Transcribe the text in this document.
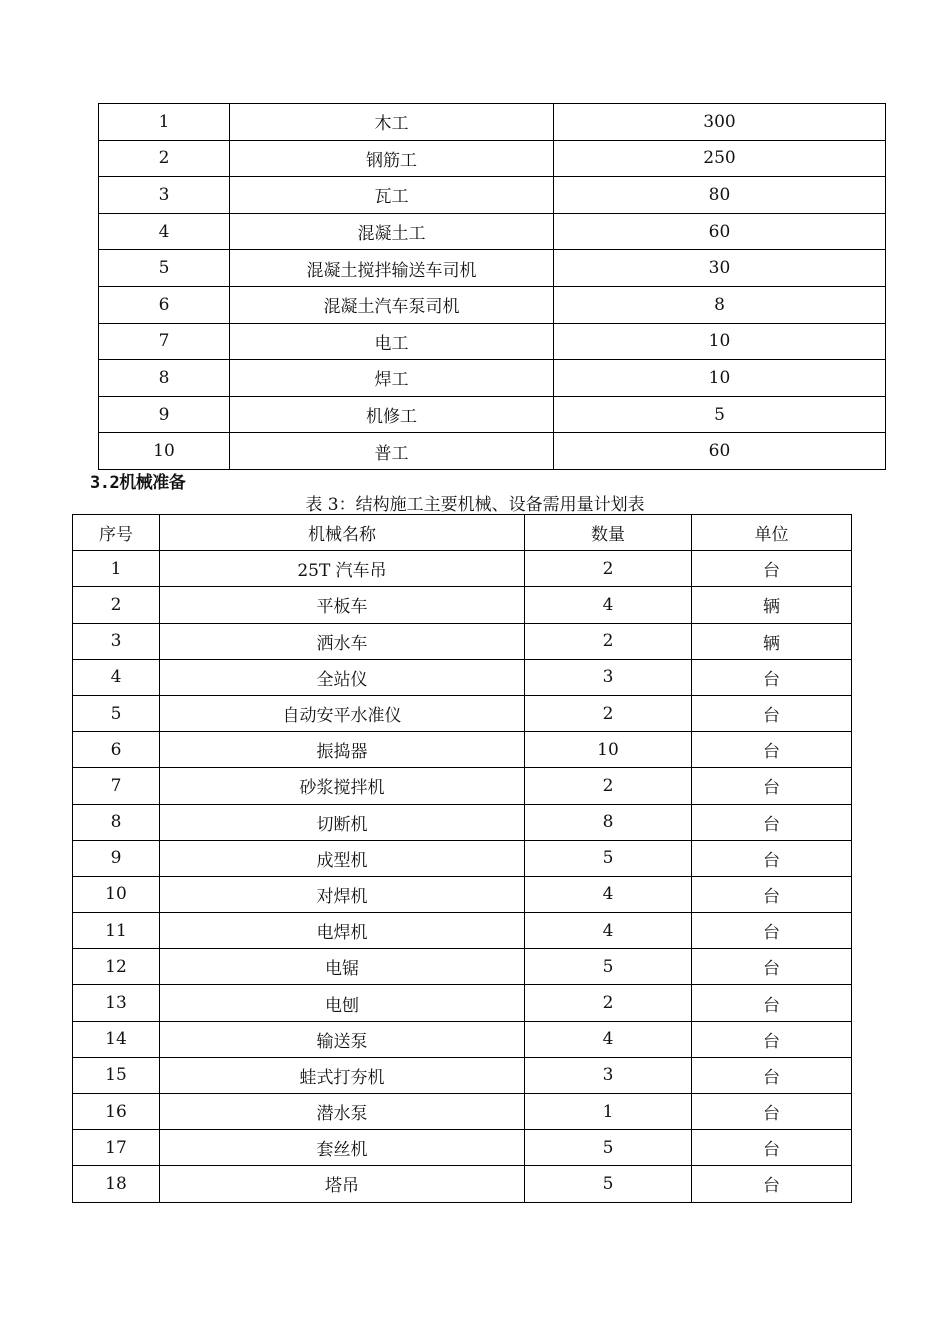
1	木工	300
2	钢筋工	250
3	瓦工	80
4	混凝土工	60
5	混凝土搅拌输送车司机	30
6	混凝土汽车泵司机	8
7	电工	10
8	焊工	10
9	机修工	5
10	普工	60
3.2机械准备
表 3：结构施工主要机械、设备需用量计划表
序号	机械名称	数量	单位
1	25T 汽车吊	2	台
2	平板车	4	辆
3	洒水车	2	辆
4	全站仪	3	台
5	自动安平水准仪	2	台
6	振捣器	10	台
7	砂浆搅拌机	2	台
8	切断机	8	台
9	成型机	5	台
10	对焊机	4	台
11	电焊机	4	台
12	电锯	5	台
13	电刨	2	台
14	输送泵	4	台
15	蛙式打夯机	3	台
16	潜水泵	1	台
17	套丝机	5	台
18	塔吊	5	台
